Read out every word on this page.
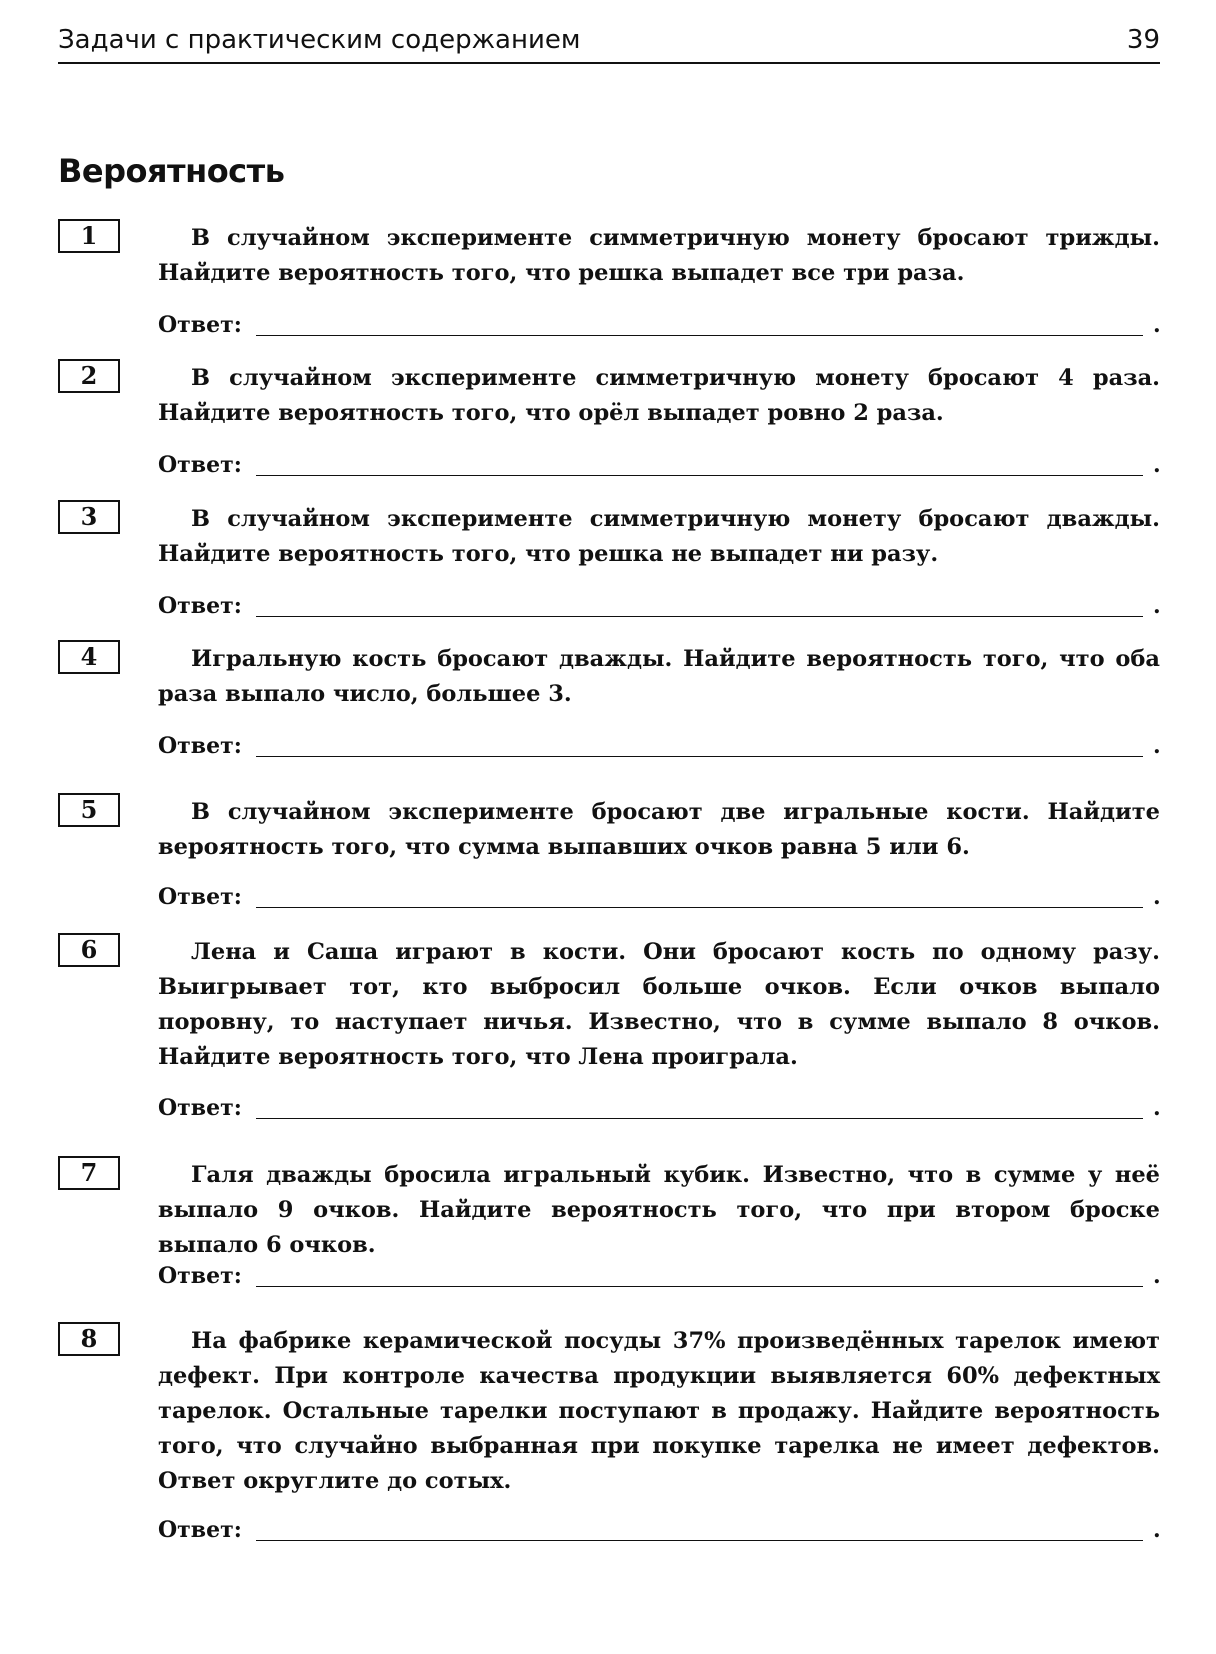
Задачи с практическим содержанием	39
Вероятность
1	В случайном эксперименте симметричную монету бросают трижды. Найдите вероятность того, что решка выпадет все три раза.

Ответ:	.
2	В случайном эксперименте симметричную монету бросают 4 раза. Найдите вероятность того, что орёл выпадет ровно 2 раза.

Ответ:	.
3	В случайном эксперименте симметричную монету бросают дважды. Найдите вероятность того, что решка не выпадет ни разу.

Ответ:	.
4	Игральную кость бросают дважды. Найдите вероятность того, что оба раза выпало число, большее 3.

Ответ:	.
5	В случайном эксперименте бросают две игральные кости. Найдите вероятность того, что сумма выпавших очков равна 5 или 6.

Ответ:	.
6	Лена и Саша играют в кости. Они бросают кость по одному разу. Выигрывает тот, кто выбросил больше очков. Если очков выпало поровну, то наступает ничья. Известно, что в сумме выпало 8 очков. Найдите вероятность того, что Лена проиграла.

Ответ:	.
7	Галя дважды бросила игральный кубик. Известно, что в сумме у неё выпало 9 очков. Найдите вероятность того, что при втором броске выпало 6 очков.

Ответ:	.
8	На фабрике керамической посуды 37% произведённых тарелок имеют дефект. При контроле качества продукции выявляется 60% дефектных тарелок. Остальные тарелки поступают в продажу. Найдите вероятность того, что случайно выбранная при покупке тарелка не имеет дефектов. Ответ округлите до сотых.

Ответ:	.
